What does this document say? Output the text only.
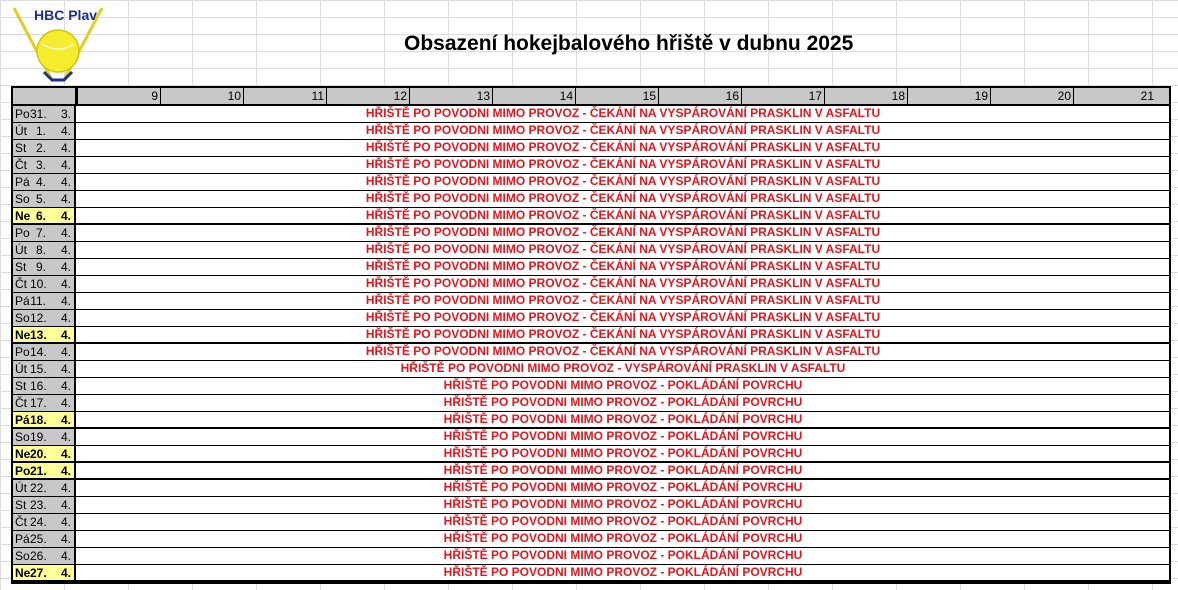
HBC Plav
Obsazení hokejbalového hřiště v dubnu 2025
9	10	11	12	13	14	15	16	17	18	19	20	21
Po 31.	3.	HŘIŠTĚ PO POVODNI MIMO PROVOZ - ČEKÁNÍ NA VYSPÁROVÁNÍ PRASKLIN V ASFALTU
Út 1.	4.	HŘIŠTĚ PO POVODNI MIMO PROVOZ - ČEKÁNÍ NA VYSPÁROVÁNÍ PRASKLIN V ASFALTU
St 2.	4.	HŘIŠTĚ PO POVODNI MIMO PROVOZ - ČEKÁNÍ NA VYSPÁROVÁNÍ PRASKLIN V ASFALTU
Čt 3.	4.	HŘIŠTĚ PO POVODNI MIMO PROVOZ - ČEKÁNÍ NA VYSPÁROVÁNÍ PRASKLIN V ASFALTU
Pá 4.	4.	HŘIŠTĚ PO POVODNI MIMO PROVOZ - ČEKÁNÍ NA VYSPÁROVÁNÍ PRASKLIN V ASFALTU
So 5.	4.	HŘIŠTĚ PO POVODNI MIMO PROVOZ - ČEKÁNÍ NA VYSPÁROVÁNÍ PRASKLIN V ASFALTU
Ne 6.	4.	HŘIŠTĚ PO POVODNI MIMO PROVOZ - ČEKÁNÍ NA VYSPÁROVÁNÍ PRASKLIN V ASFALTU
Po 7.	4.	HŘIŠTĚ PO POVODNI MIMO PROVOZ - ČEKÁNÍ NA VYSPÁROVÁNÍ PRASKLIN V ASFALTU
Út 8.	4.	HŘIŠTĚ PO POVODNI MIMO PROVOZ - ČEKÁNÍ NA VYSPÁROVÁNÍ PRASKLIN V ASFALTU
St 9.	4.	HŘIŠTĚ PO POVODNI MIMO PROVOZ - ČEKÁNÍ NA VYSPÁROVÁNÍ PRASKLIN V ASFALTU
Čt 10.	4.	HŘIŠTĚ PO POVODNI MIMO PROVOZ - ČEKÁNÍ NA VYSPÁROVÁNÍ PRASKLIN V ASFALTU
Pá 11.	4.	HŘIŠTĚ PO POVODNI MIMO PROVOZ - ČEKÁNÍ NA VYSPÁROVÁNÍ PRASKLIN V ASFALTU
So 12.	4.	HŘIŠTĚ PO POVODNI MIMO PROVOZ - ČEKÁNÍ NA VYSPÁROVÁNÍ PRASKLIN V ASFALTU
Ne 13.	4.	HŘIŠTĚ PO POVODNI MIMO PROVOZ - ČEKÁNÍ NA VYSPÁROVÁNÍ PRASKLIN V ASFALTU
Po 14.	4.	HŘIŠTĚ PO POVODNI MIMO PROVOZ - ČEKÁNÍ NA VYSPÁROVÁNÍ PRASKLIN V ASFALTU
Út 15.	4.	HŘIŠTĚ PO POVODNI MIMO PROVOZ - VYSPÁROVÁNÍ PRASKLIN V ASFALTU
St 16.	4.	HŘIŠTĚ PO POVODNI MIMO PROVOZ - POKLÁDÁNÍ POVRCHU
Čt 17.	4.	HŘIŠTĚ PO POVODNI MIMO PROVOZ - POKLÁDÁNÍ POVRCHU
Pá 18.	4.	HŘIŠTĚ PO POVODNI MIMO PROVOZ - POKLÁDÁNÍ POVRCHU
So 19.	4.	HŘIŠTĚ PO POVODNI MIMO PROVOZ - POKLÁDÁNÍ POVRCHU
Ne 20.	4.	HŘIŠTĚ PO POVODNI MIMO PROVOZ - POKLÁDÁNÍ POVRCHU
Po 21.	4.	HŘIŠTĚ PO POVODNI MIMO PROVOZ - POKLÁDÁNÍ POVRCHU
Út 22.	4.	HŘIŠTĚ PO POVODNI MIMO PROVOZ - POKLÁDÁNÍ POVRCHU
St 23.	4.	HŘIŠTĚ PO POVODNI MIMO PROVOZ - POKLÁDÁNÍ POVRCHU
Čt 24.	4.	HŘIŠTĚ PO POVODNI MIMO PROVOZ - POKLÁDÁNÍ POVRCHU
Pá 25.	4.	HŘIŠTĚ PO POVODNI MIMO PROVOZ - POKLÁDÁNÍ POVRCHU
So 26.	4.	HŘIŠTĚ PO POVODNI MIMO PROVOZ - POKLÁDÁNÍ POVRCHU
Ne 27.	4.	HŘIŠTĚ PO POVODNI MIMO PROVOZ - POKLÁDÁNÍ POVRCHU
